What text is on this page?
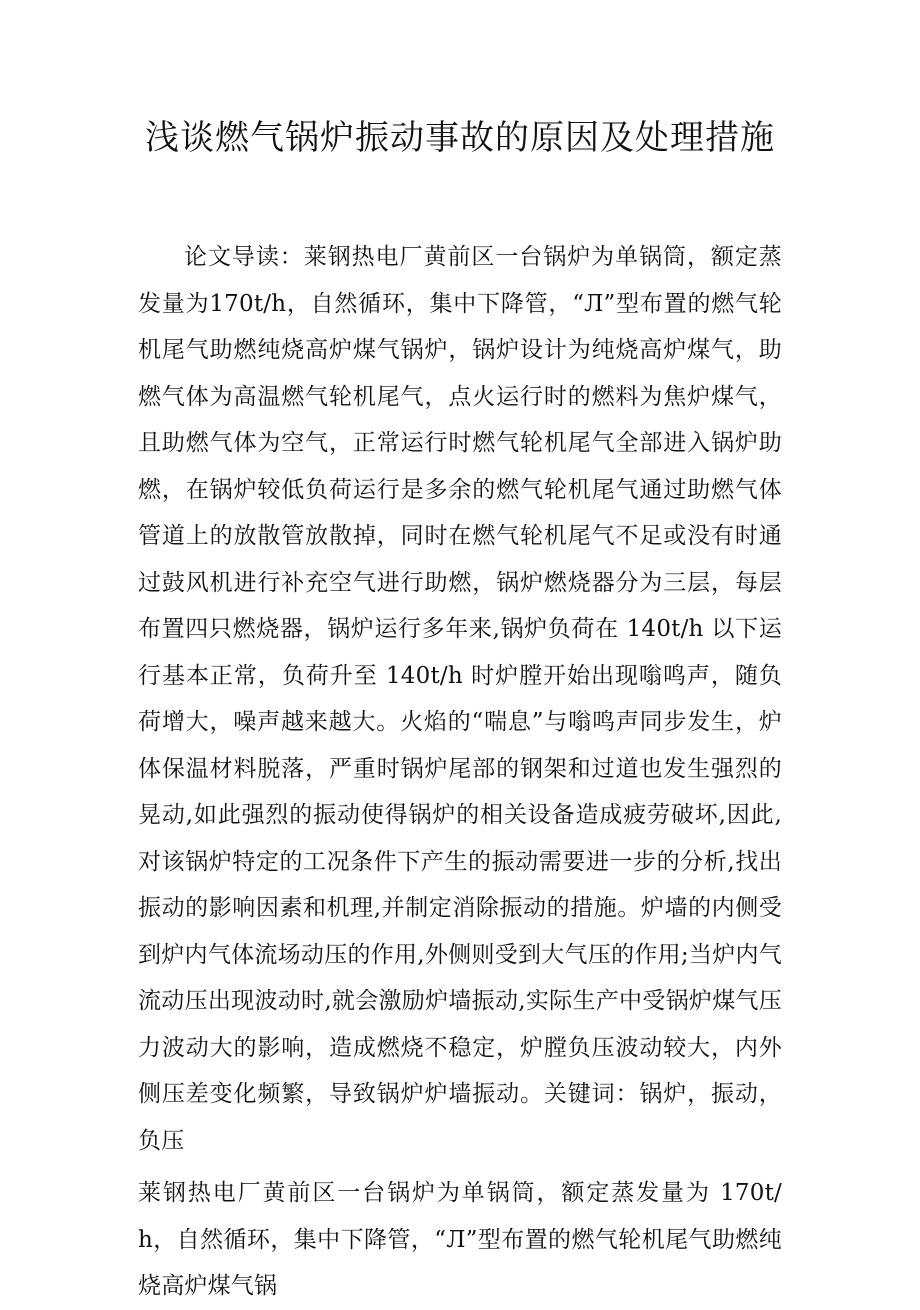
浅谈燃气锅炉振动事故的原因及处理措施

论文导读：莱钢热电厂黄前区一台锅炉为单锅筒，额定蒸发量为170t/h，自然循环，集中下降管，“Л”型布置的燃气轮机尾气助燃纯烧高炉煤气锅炉，锅炉设计为纯烧高炉煤气，助燃气体为高温燃气轮机尾气，点火运行时的燃料为焦炉煤气，且助燃气体为空气，正常运行时燃气轮机尾气全部进入锅炉助燃，在锅炉较低负荷运行是多余的燃气轮机尾气通过助燃气体管道上的放散管放散掉，同时在燃气轮机尾气不足或没有时通过鼓风机进行补充空气进行助燃，锅炉燃烧器分为三层，每层布置四只燃烧器，锅炉运行多年来,锅炉负荷在 140t/h 以下运行基本正常，负荷升至 140t/h 时炉膛开始出现嗡鸣声，随负荷增大，噪声越来越大。火焰的“喘息”与嗡鸣声同步发生，炉体保温材料脱落，严重时锅炉尾部的钢架和过道也发生强烈的晃动,如此强烈的振动使得锅炉的相关设备造成疲劳破坏,因此,对该锅炉特定的工况条件下产生的振动需要进一步的分析,找出振动的影响因素和机理,并制定消除振动的措施。炉墙的内侧受到炉内气体流场动压的作用,外侧则受到大气压的作用;当炉内气流动压出现波动时,就会激励炉墙振动,实际生产中受锅炉煤气压力波动大的影响，造成燃烧不稳定，炉膛负压波动较大，内外侧压差变化频繁，导致锅炉炉墙振动。关键词：锅炉，振动，负压

莱钢热电厂黄前区一台锅炉为单锅筒，额定蒸发量为 170t/ h，自然循环，集中下降管，“Л”型布置的燃气轮机尾气助燃纯烧高炉煤气锅
